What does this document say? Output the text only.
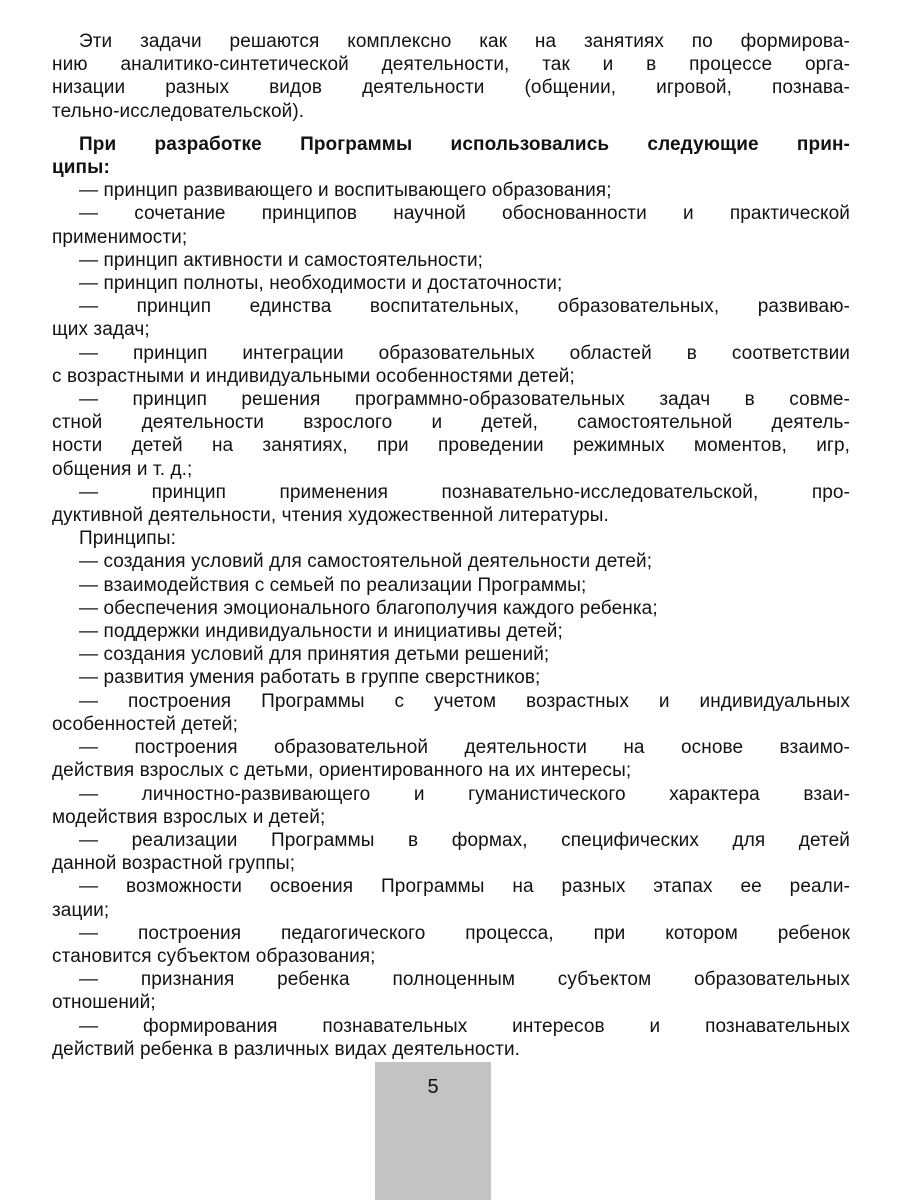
Эти задачи решаются комплексно как на занятиях по формирова-
нию аналитико-синтетической деятельности, так и в процессе орга-
низации разных видов деятельности (общении, игровой, познава-
тельно-исследовательской).
При разработке Программы использовались следующие прин-
ципы:
— принцип развивающего и воспитывающего образования;
— сочетание принципов научной обоснованности и практической
применимости;
— принцип активности и самостоятельности;
— принцип полноты, необходимости и достаточности;
— принцип единства воспитательных, образовательных, развиваю-
щих задач;
— принцип интеграции образовательных областей в соответствии
с возрастными и индивидуальными особенностями детей;
— принцип решения программно-образовательных задач в совме-
стной деятельности взрослого и детей, самостоятельной деятель-
ности детей на занятиях, при проведении режимных моментов, игр,
общения и т. д.;
— принцип применения познавательно-исследовательской, про-
дуктивной деятельности, чтения художественной литературы.
Принципы:
— создания условий для самостоятельной деятельности детей;
— взаимодействия с семьей по реализации Программы;
— обеспечения эмоционального благополучия каждого ребенка;
— поддержки индивидуальности и инициативы детей;
— создания условий для принятия детьми решений;
— развития умения работать в группе сверстников;
— построения Программы с учетом возрастных и индивидуальных
особенностей детей;
— построения образовательной деятельности на основе взаимо-
действия взрослых с детьми, ориентированного на их интересы;
— личностно-развивающего и гуманистического характера взаи-
модействия взрослых и детей;
— реализации Программы в формах, специфических для детей
данной возрастной группы;
— возможности освоения Программы на разных этапах ее реали-
зации;
— построения педагогического процесса, при котором ребенок
становится субъектом образования;
— признания ребенка полноценным субъектом образовательных
отношений;
— формирования познавательных интересов и познавательных
действий ребенка в различных видах деятельности.
5
